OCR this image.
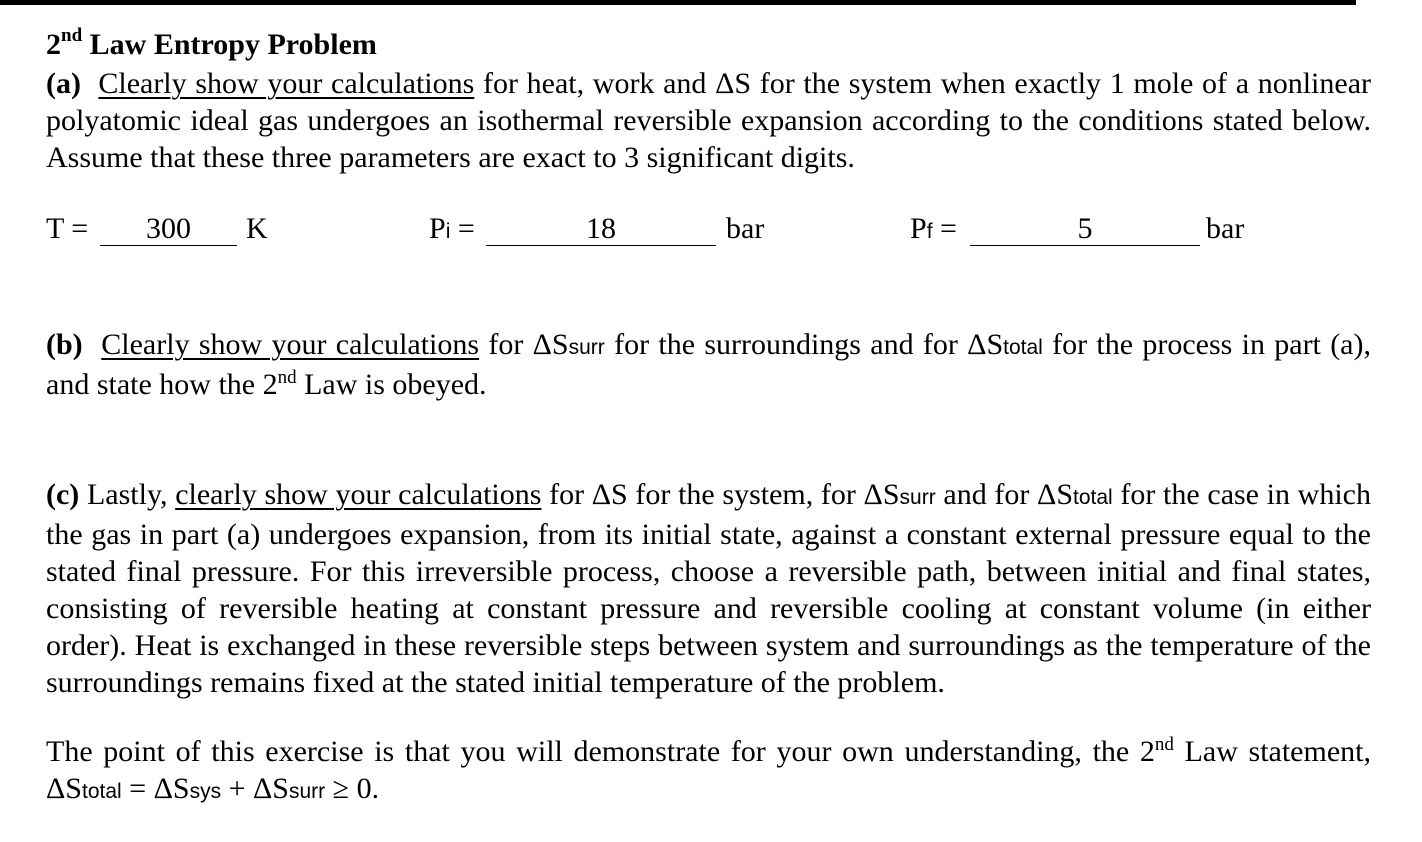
2nd Law Entropy Problem
(a) Clearly show your calculations for heat, work and ΔS for the system when exactly 1 mole of a nonlinear polyatomic ideal gas undergoes an isothermal reversible expansion according to the conditions stated below. Assume that these three parameters are exact to 3 significant digits.
T =	300	K	Pi =	18	bar	Pf =	5	bar
(b) Clearly show your calculations for ΔSsurr for the surroundings and for ΔStotal for the process in part (a), and state how the 2nd Law is obeyed.
(c) Lastly, clearly show your calculations for ΔS for the system, for ΔSsurr and for ΔStotal for the case in which the gas in part (a) undergoes expansion, from its initial state, against a constant external pressure equal to the stated final pressure. For this irreversible process, choose a reversible path, between initial and final states, consisting of reversible heating at constant pressure and reversible cooling at constant volume (in either order). Heat is exchanged in these reversible steps between system and surroundings as the temperature of the surroundings remains fixed at the stated initial temperature of the problem.
The point of this exercise is that you will demonstrate for your own understanding, the 2nd Law statement, ΔStotal = ΔSsys + ΔSsurr ≥ 0.
